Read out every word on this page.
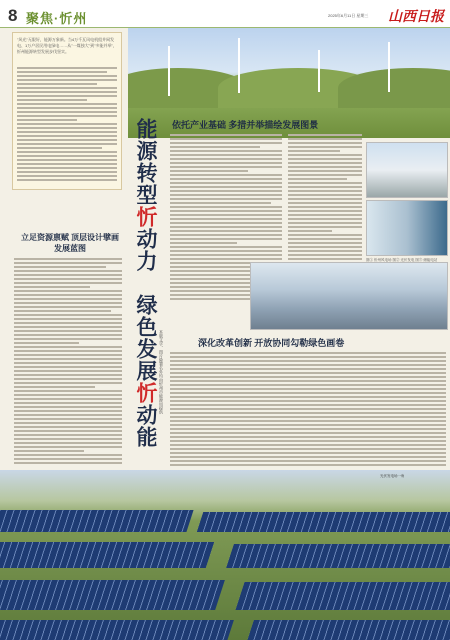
8 聚焦·忻州	2025年6月11日 星期三 山西日报
"风光"无限好，能源万象新。当4万千瓦风电机组并网发电、1万户居民用电绿电……从"一煤独大"到"多能并举"，忻州能源转型发展步伐坚实。
能源转型忻动力　绿色发展忻动能
本版文字、图片除署名外均由忻州市能源局提供
立足资源禀赋 顶层设计擘画发展蓝图
依托产业基础 多措并举描绘发展图景
图① 忻州风电场 图② 光伏发电 图③ 储能电站
深化改革创新 开放协同勾勒绿色画卷
光伏发电场一角
